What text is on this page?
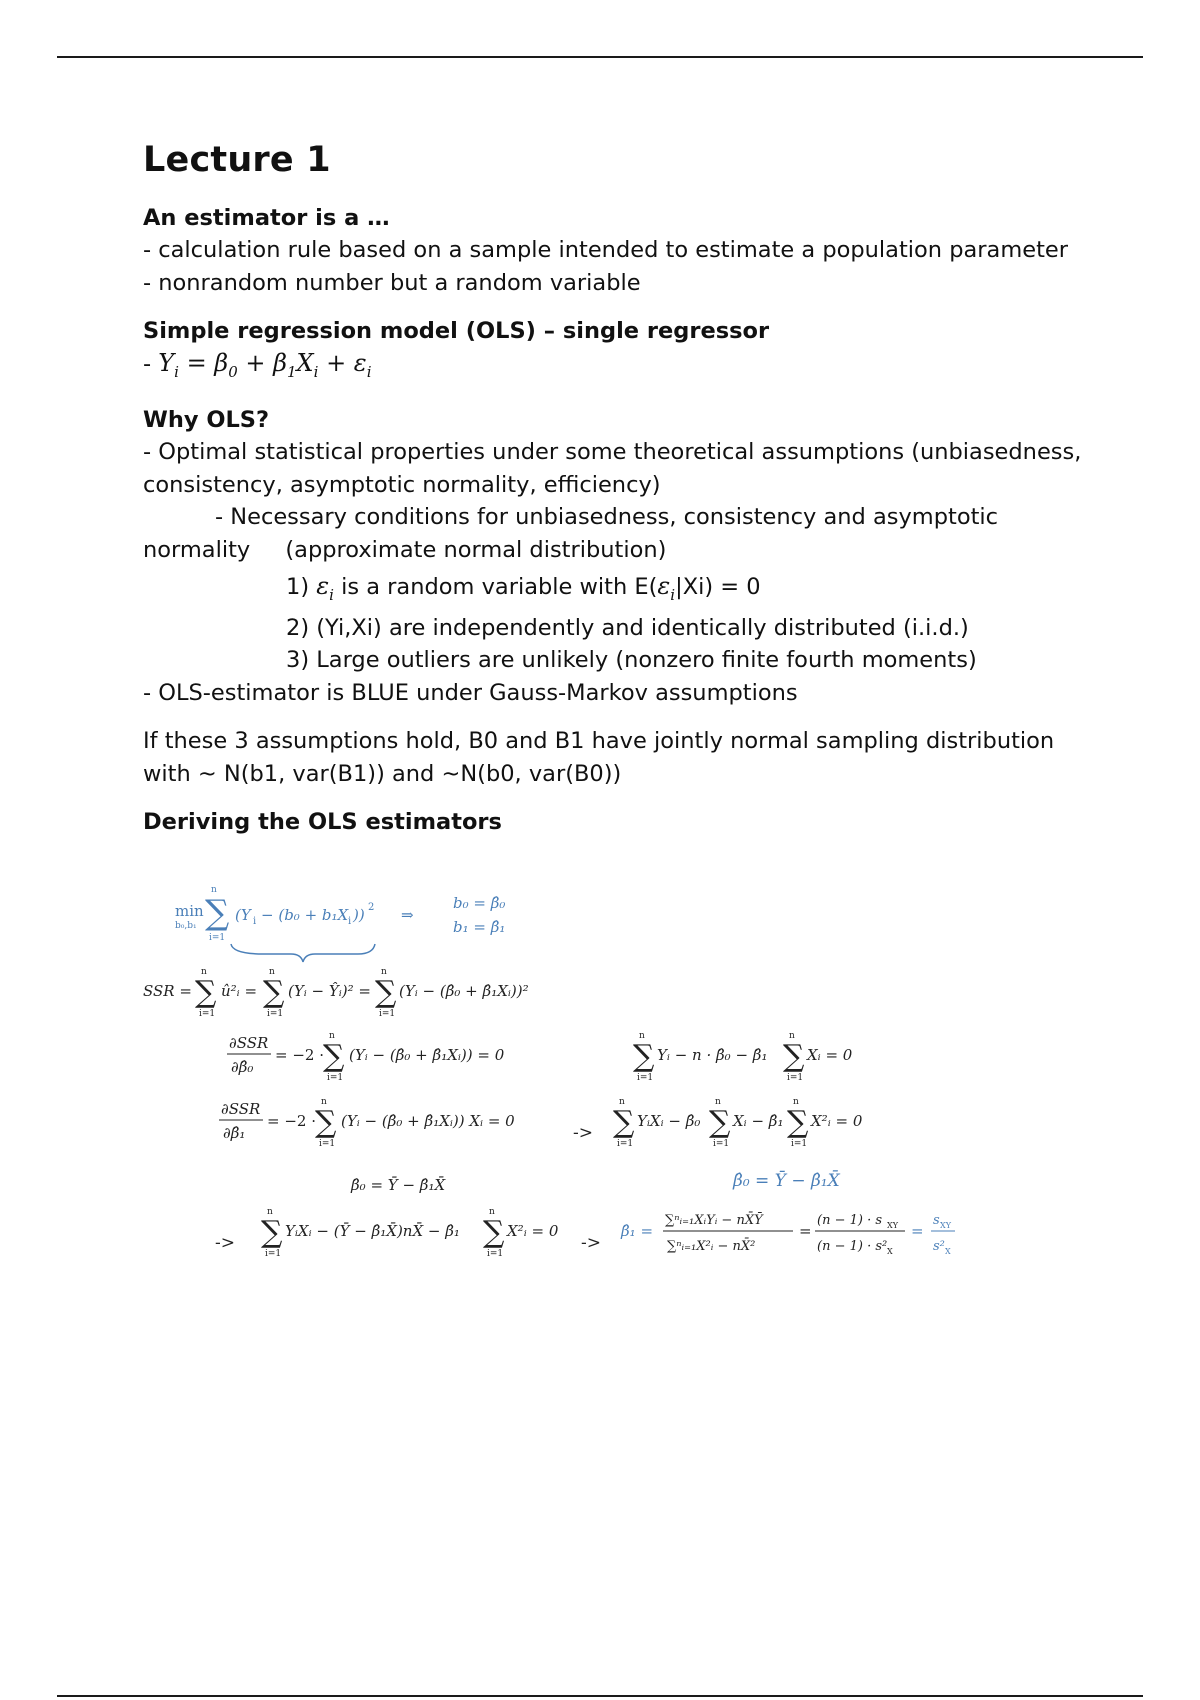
Lecture 1
An estimator is a …
- calculation rule based on a sample intended to estimate a population parameter
- nonrandom number but a random variable
Simple regression model (OLS) – single regressor
- $Y_i = \beta_0 + \beta_1X_i + \varepsilon_i$
Why OLS?
- Optimal statistical properties under some theoretical assumptions (unbiasedness, consistency, asymptotic normality, efficiency)
- Necessary conditions for unbiasedness, consistency and asymptotic
normality (approximate normal distribution)
1) $\varepsilon_i$ is a random variable with $E(\varepsilon_i|Xi) = 0$
2) (Yi,Xi) are independently and identically distributed (i.i.d.)
3) Large outliers are unlikely (nonzero finite fourth moments)
- OLS-estimator is BLUE under Gauss-Markov assumptions
If these 3 assumptions hold, B0 and B1 have jointly normal sampling distribution with ~ N(b1, var(B1)) and ~N(b0, var(B0))
Deriving the OLS estimators
min
b₀,b₁ ∑
n
i=1
(Y i − (b₀ + b₁X i )) 2 ⇒
b₀ = β̂₀
b₁ = β̂₁
SSR = ∑
n
i=1
û²ᵢ = ∑
n
i=1
(Yᵢ − Ŷᵢ)² = ∑
n
i=1
(Yᵢ − (β̂₀ + β̂₁Xᵢ))²
∂SSR
∂β̂₀
= −2 · ∑
n
i=1
(Yᵢ − (β̂₀ + β̂₁Xᵢ)) = 0	∑
n
i=1
Yᵢ − n · β̂₀ − β̂₁ ∑
n
i=1
Xᵢ = 0
∂SSR
∂β̂₁
= −2 · ∑
n
i=1
(Yᵢ − (β̂₀ + β̂₁Xᵢ)) Xᵢ = 0
-> ∑
n
i=1
YᵢXᵢ − β̂₀ ∑
n
i=1
Xᵢ − β̂₁ ∑
n
i=1
X²ᵢ = 0
β̂₀ = Ȳ − β̂₁X̄	β̂₀ = Ȳ − β̂₁X̄
-> ∑
n
i=1
YᵢXᵢ − (Ȳ − β̂₁X̄)nX̄ − β̂₁ ∑
n
i=1
X²ᵢ = 0
->
β̂₁ =
∑ⁿᵢ₌₁XᵢYᵢ − nX̄Ȳ
∑ⁿᵢ₌₁X²ᵢ − nX̄²
=
(n − 1) · s XY
(n − 1) · s² X
=
s XY
s² X
